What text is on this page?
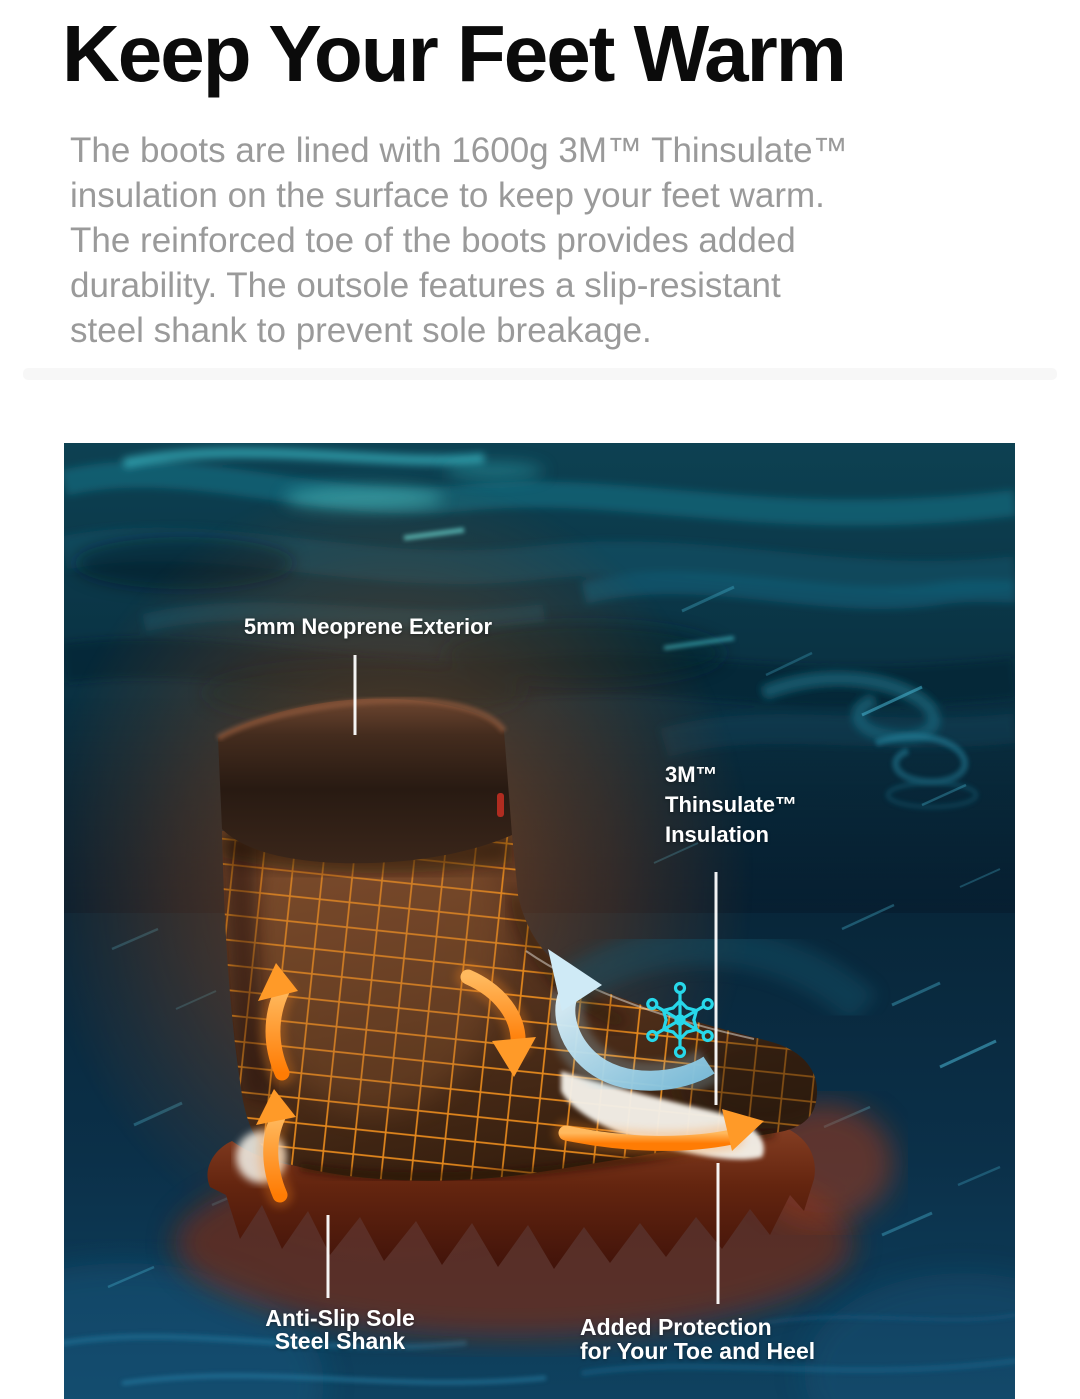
Keep Your Feet Warm
The boots are lined with 1600g 3M™ Thinsulate™
insulation on the surface to keep your feet warm.
The reinforced toe of the boots provides added
durability. The outsole features a slip-resistant
steel shank to prevent sole breakage.
5mm Neoprene Exterior
3M™
Thinsulate™
Insulation
Anti-Slip Sole
Steel Shank
Added Protection
for Your Toe and Heel
